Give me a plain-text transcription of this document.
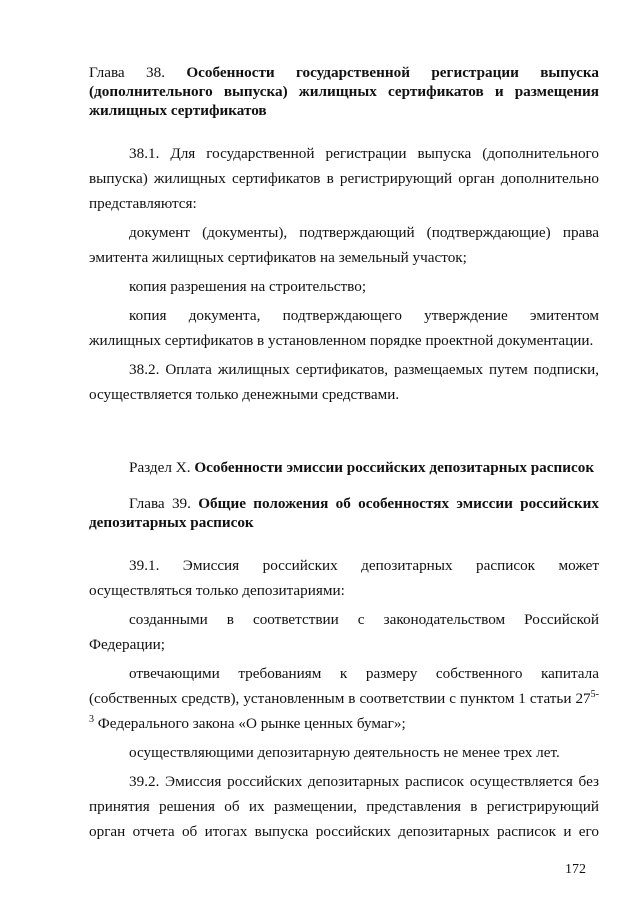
Глава 38. Особенности государственной регистрации выпуска (дополнительного выпуска) жилищных сертификатов и размещения жилищных сертификатов

38.1. Для государственной регистрации выпуска (дополнительного выпуска) жилищных сертификатов в регистрирующий орган дополнительно представляются:

документ (документы), подтверждающий (подтверждающие) права эмитента жилищных сертификатов на земельный участок;

копия разрешения на строительство;

копия документа, подтверждающего утверждение эмитентом жилищных сертификатов в установленном порядке проектной документации.

38.2. Оплата жилищных сертификатов, размещаемых путем подписки, осуществляется только денежными средствами.

Раздел X. Особенности эмиссии российских депозитарных расписок
Глава 39. Общие положения об особенностях эмиссии российских депозитарных расписок

39.1. Эмиссия российских депозитарных расписок может осуществляться только депозитариями:

созданными в соответствии с законодательством Российской Федерации;

отвечающими требованиям к размеру собственного капитала (собственных средств), установленным в соответствии с пунктом 1 статьи 27$^{5-3}$ Федерального закона «О рынке ценных бумаг»;

осуществляющими депозитарную деятельность не менее трех лет.

39.2. Эмиссия российских депозитарных расписок осуществляется без принятия решения об их размещении, представления в регистрирующий орган отчета об итогах выпуска российских депозитарных расписок и его

172
